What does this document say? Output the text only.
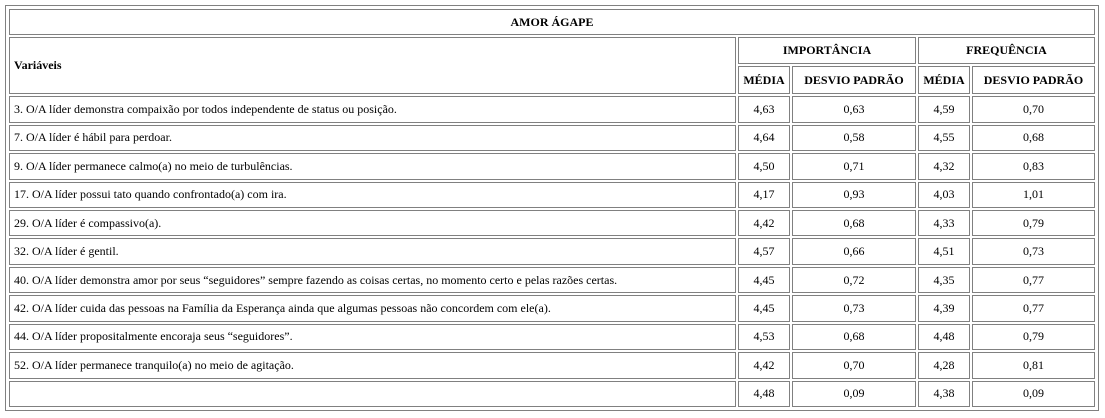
AMOR ÁGAPE				
Variáveis	IMPORTÂNCIA		FREQUÊNCIA	
	MÉDIA	DESVIO PADRÃO	MÉDIA	DESVIO PADRÃO
3. O/A líder demonstra compaixão por todos independente de status ou posição.	4,63	0,63	4,59	0,70
7. O/A líder é hábil para perdoar.	4,64	0,58	4,55	0,68
9. O/A líder permanece calmo(a) no meio de turbulências.	4,50	0,71	4,32	0,83
17. O/A líder possui tato quando confrontado(a) com ira.	4,17	0,93	4,03	1,01
29. O/A líder é compassivo(a).	4,42	0,68	4,33	0,79
32. O/A líder é gentil.	4,57	0,66	4,51	0,73
40. O/A líder demonstra amor por seus “seguidores” sempre fazendo as coisas certas, no momento certo e pelas razões certas.	4,45	0,72	4,35	0,77
42. O/A líder cuida das pessoas na Família da Esperança ainda que algumas pessoas não concordem com ele(a).	4,45	0,73	4,39	0,77
44. O/A líder propositalmente encoraja seus “seguidores”.	4,53	0,68	4,48	0,79
52. O/A líder permanece tranquilo(a) no meio de agitação.	4,42	0,70	4,28	0,81
	4,48	0,09	4,38	0,09
